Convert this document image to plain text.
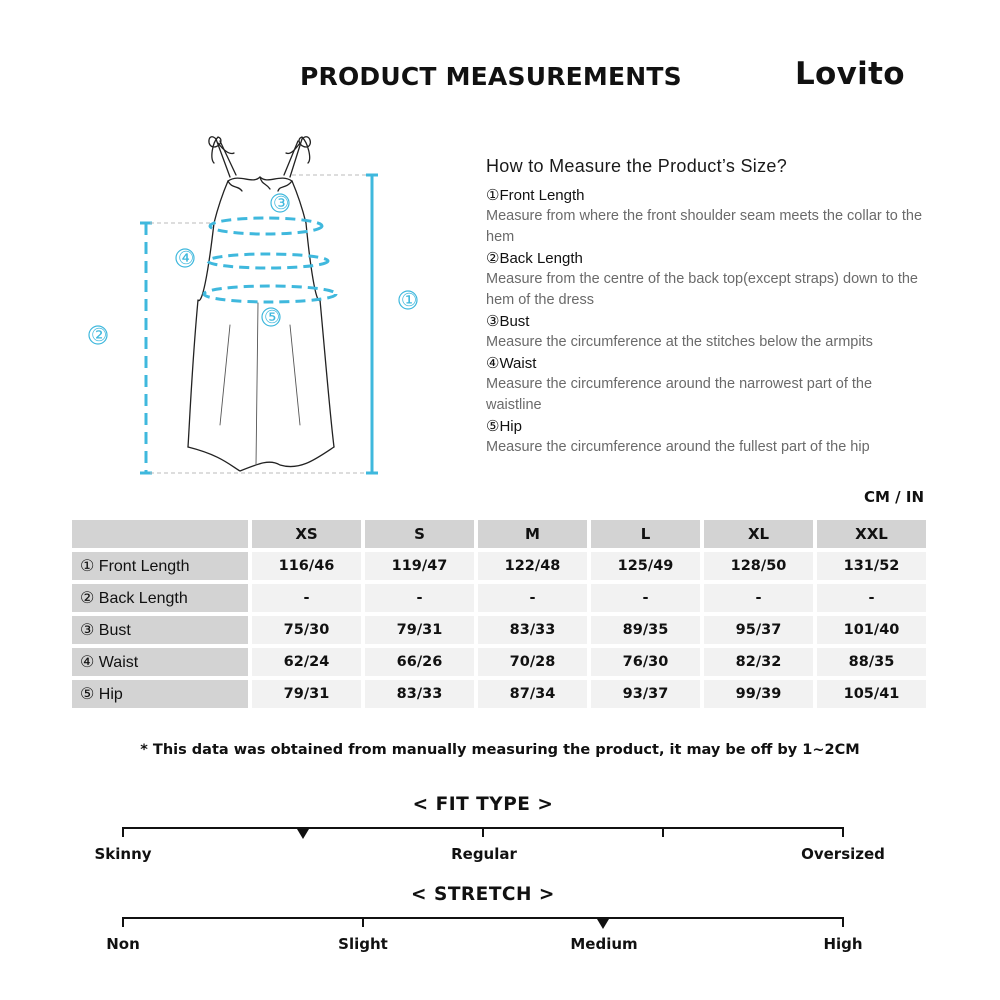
PRODUCT MEASUREMENTS	Lovito
①
②
③
④
⑤
How to Measure the Product’s Size?
①Front Length
Measure from where the front shoulder seam meets the collar to the hem
②Back Length
Measure from the centre of the back top(except straps) down to the hem of the dress
③Bust
Measure the circumference at the stitches below the armpits
④Waist
Measure the circumference around the narrowest part of the waistline
⑤Hip
Measure the circumference around the fullest part of the hip
CM / IN
	XS	S	M	L	XL	XXL
① Front Length	116/46	119/47	122/48	125/49	128/50	131/52
② Back Length	-	-	-	-	-	-
③ Bust	75/30	79/31	83/33	89/35	95/37	101/40
④ Waist	62/24	66/26	70/28	76/30	82/32	88/35
⑤ Hip	79/31	83/33	87/34	93/37	99/39	105/41
* This data was obtained from manually measuring the product, it may be off by 1~2CM
< FIT TYPE >
Skinny	Regular	Oversized
< STRETCH >
Non	Slight	Medium	High
